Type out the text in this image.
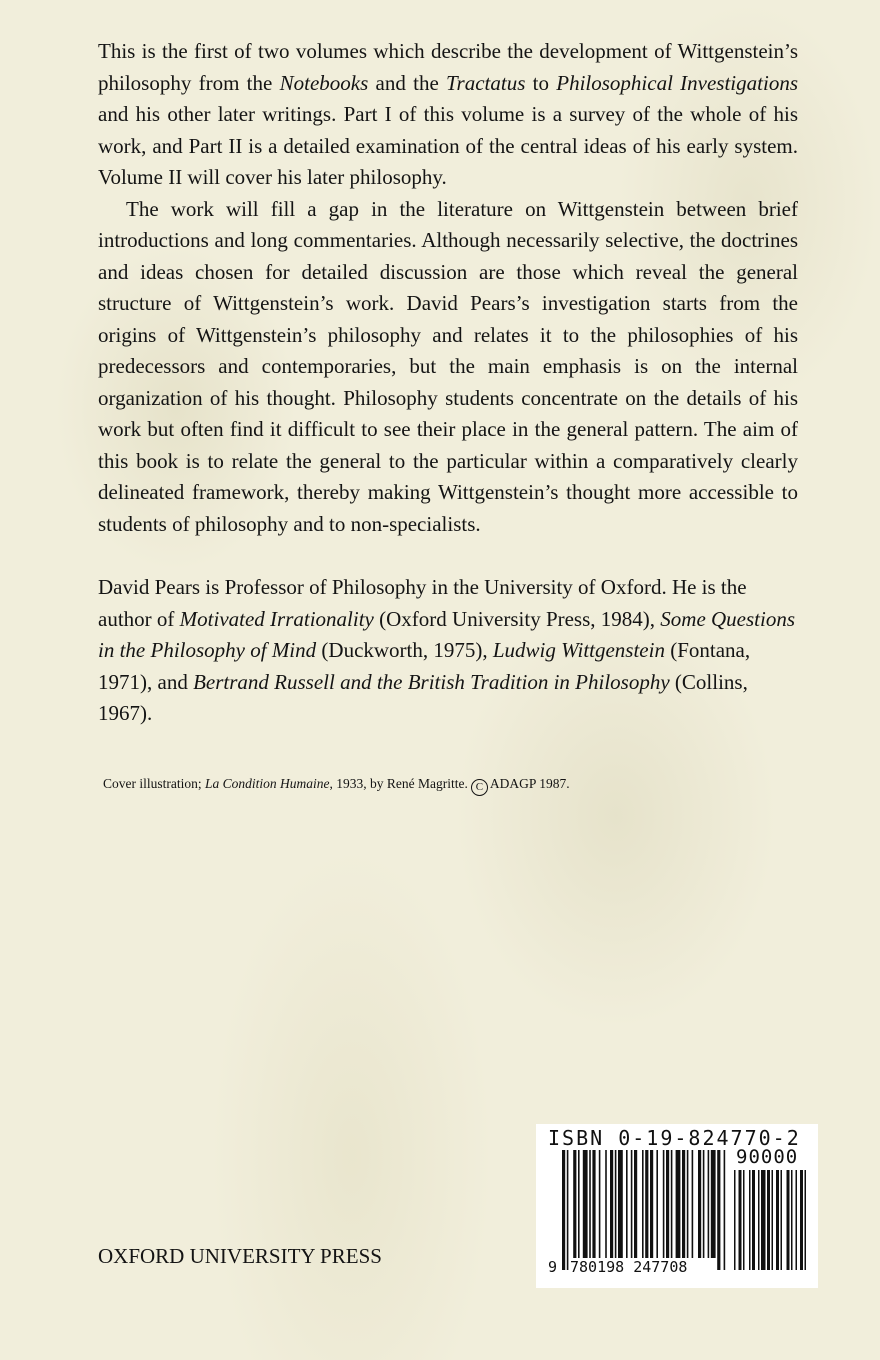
This is the first of two volumes which describe the development of Wittgenstein’s philosophy from the Notebooks and the Tractatus to Philosophical Investigations and his other later writings. Part I of this volume is a survey of the whole of his work, and Part II is a detailed examination of the central ideas of his early system. Volume II will cover his later philosophy.

The work will fill a gap in the literature on Wittgenstein between brief introductions and long commentaries. Although necessarily selective, the doctrines and ideas chosen for detailed discussion are those which reveal the general structure of Wittgenstein’s work. David Pears’s investigation starts from the origins of Wittgenstein’s philosophy and relates it to the philosophies of his predecessors and contemporaries, but the main emphasis is on the internal organization of his thought. Philosophy students concentrate on the details of his work but often find it difficult to see their place in the general pattern. The aim of this book is to relate the general to the particular within a comparatively clearly delineated framework, thereby making Wittgenstein’s thought more accessible to students of philosophy and to non-specialists.

David Pears is Professor of Philosophy in the University of Oxford. He is the author of Motivated Irrationality (Oxford University Press, 1984), Some Questions in the Philosophy of Mind (Duckworth, 1975), Ludwig Wittgenstein (Fontana, 1971), and Bertrand Russell and the British Tradition in Philosophy (Collins, 1967).

Cover illustration; La Condition Humaine, 1933, by René Magritte. C ADAGP 1987.

OXFORD UNIVERSITY PRESS

ISBN 0-19-824770-2
90000
9 780198 247708
